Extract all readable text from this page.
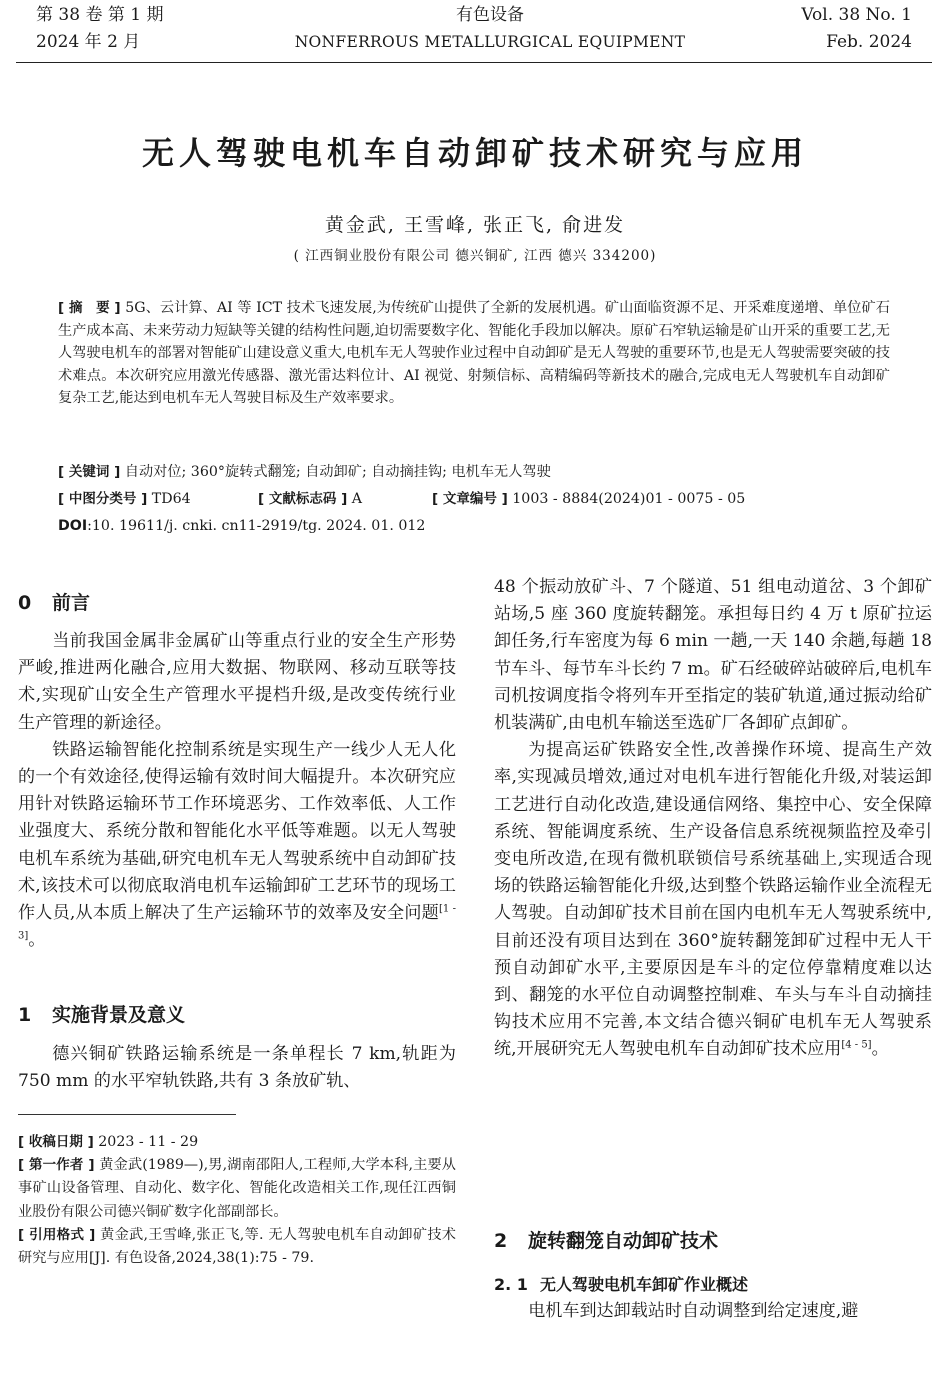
第 38 卷 第 1 期
2024 年 2 月
有色设备
NONFERROUS METALLURGICAL EQUIPMENT
Vol. 38 No. 1
Feb. 2024
无人驾驶电机车自动卸矿技术研究与应用
黄金武, 王雪峰, 张正飞, 俞进发
( 江西铜业股份有限公司 德兴铜矿, 江西 德兴 334200)
[ 摘　要 ] 5G、云计算、AI 等 ICT 技术飞速发展,为传统矿山提供了全新的发展机遇。矿山面临资源不足、开采难度递增、单位矿石生产成本高、未来劳动力短缺等关键的结构性问题,迫切需要数字化、智能化手段加以解决。原矿石窄轨运输是矿山开采的重要工艺,无人驾驶电机车的部署对智能矿山建设意义重大,电机车无人驾驶作业过程中自动卸矿是无人驾驶的重要环节,也是无人驾驶需要突破的技术难点。本次研究应用激光传感器、激光雷达料位计、AI 视觉、射频信标、高精编码等新技术的融合,完成电无人驾驶机车自动卸矿复杂工艺,能达到电机车无人驾驶目标及生产效率要求。
[ 关键词 ] 自动对位; 360°旋转式翻笼; 自动卸矿; 自动摘挂钩; 电机车无人驾驶
[ 中图分类号 ] TD64	[ 文献标志码 ] A	[ 文章编号 ] 1003 - 8884(2024)01 - 0075 - 05
DOI:10. 19611/j. cnki. cn11-2919/tg. 2024. 01. 012
0 前言

当前我国金属非金属矿山等重点行业的安全生产形势严峻,推进两化融合,应用大数据、物联网、移动互联等技术,实现矿山安全生产管理水平提档升级,是改变传统行业生产管理的新途径。

铁路运输智能化控制系统是实现生产一线少人无人化的一个有效途径,使得运输有效时间大幅提升。本次研究应用针对铁路运输环节工作环境恶劣、工作效率低、人工作业强度大、系统分散和智能化水平低等难题。以无人驾驶电机车系统为基础,研究电机车无人驾驶系统中自动卸矿技术,该技术可以彻底取消电机车运输卸矿工艺环节的现场工作人员,从本质上解决了生产运输环节的效率及安全问题[1 - 3]。

1 实施背景及意义

德兴铜矿铁路运输系统是一条单程长 7 km,轨距为 750 mm 的水平窄轨铁路,共有 3 条放矿轨、

[ 收稿日期 ] 2023 - 11 - 29
[ 第一作者 ] 黄金武(1989—),男,湖南邵阳人,工程师,大学本科,主要从事矿山设备管理、自动化、数字化、智能化改造相关工作,现任江西铜业股份有限公司德兴铜矿数字化部副部长。
[ 引用格式 ] 黄金武,王雪峰,张正飞,等. 无人驾驶电机车自动卸矿技术研究与应用[J]. 有色设备,2024,38(1):75 - 79.

48 个振动放矿斗、7 个隧道、51 组电动道岔、3 个卸矿站场,5 座 360 度旋转翻笼。承担每日约 4 万 t 原矿拉运卸任务,行车密度为每 6 min 一趟,一天 140 余趟,每趟 18 节车斗、每节车斗长约 7 m。矿石经破碎站破碎后,电机车司机按调度指令将列车开至指定的装矿轨道,通过振动给矿机装满矿,由电机车输送至选矿厂各卸矿点卸矿。

为提高运矿铁路安全性,改善操作环境、提高生产效率,实现减员增效,通过对电机车进行智能化升级,对装运卸工艺进行自动化改造,建设通信网络、集控中心、安全保障系统、智能调度系统、生产设备信息系统视频监控及牵引变电所改造,在现有微机联锁信号系统基础上,实现适合现场的铁路运输智能化升级,达到整个铁路运输作业全流程无人驾驶。自动卸矿技术目前在国内电机车无人驾驶系统中,目前还没有项目达到在 360°旋转翻笼卸矿过程中无人干预自动卸矿水平,主要原因是车斗的定位停靠精度难以达到、翻笼的水平位自动调整控制难、车头与车斗自动摘挂钩技术应用不完善,本文结合德兴铜矿电机车无人驾驶系统,开展研究无人驾驶电机车自动卸矿技术应用[4 - 5]。

2 旋转翻笼自动卸矿技术
2. 1 无人驾驶电机车卸矿作业概述

电机车到达卸载站时自动调整到给定速度,避
